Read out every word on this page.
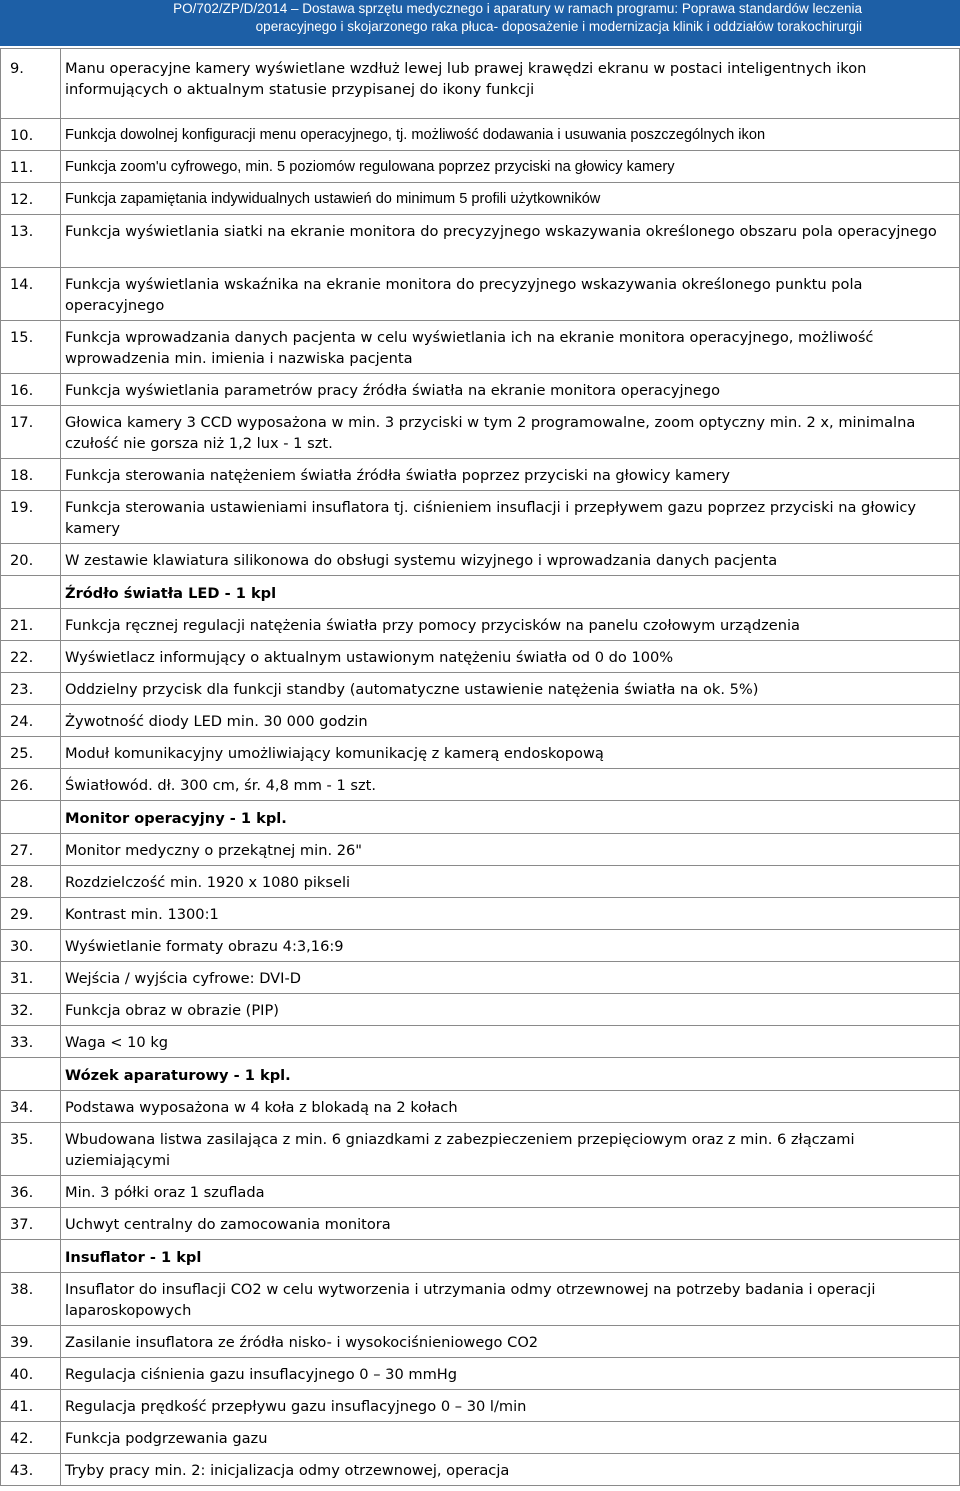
PO/702/ZP/D/2014 – Dostawa sprzętu medycznego i aparatury w ramach programu: Poprawa standardów leczenia
operacyjnego i skojarzonego raka płuca- doposażenie i modernizacja klinik i oddziałów torakochirurgii
9.	Manu operacyjne kamery wyświetlane wzdłuż lewej lub prawej krawędzi ekranu w postaci inteligentnych ikon informujących o aktualnym statusie przypisanej do ikony funkcji
10.	Funkcja dowolnej konfiguracji menu operacyjnego, tj. możliwość dodawania i usuwania poszczególnych ikon
11.	Funkcja zoom'u cyfrowego, min. 5 poziomów regulowana poprzez przyciski na głowicy kamery
12.	Funkcja zapamiętania indywidualnych ustawień do minimum 5 profili użytkowników
13.	Funkcja wyświetlania siatki na ekranie monitora do precyzyjnego wskazywania określonego obszaru pola operacyjnego
14.	Funkcja wyświetlania wskaźnika na ekranie monitora do precyzyjnego wskazywania określonego punktu pola operacyjnego
15.	Funkcja wprowadzania danych pacjenta w celu wyświetlania ich na ekranie monitora operacyjnego, możliwość wprowadzenia min. imienia i nazwiska pacjenta
16.	Funkcja wyświetlania parametrów pracy źródła światła na ekranie monitora operacyjnego
17.	Głowica kamery 3 CCD wyposażona w min. 3 przyciski w tym 2 programowalne, zoom optyczny min. 2 x, minimalna czułość nie gorsza niż 1,2 lux - 1 szt.
18.	Funkcja sterowania natężeniem światła źródła światła poprzez przyciski na głowicy kamery
19.	Funkcja sterowania ustawieniami insuflatora tj. ciśnieniem insuflacji i przepływem gazu poprzez przyciski na głowicy kamery
20.	W zestawie klawiatura silikonowa do obsługi systemu wizyjnego i wprowadzania danych pacjenta
	Źródło światła LED - 1 kpl
21.	Funkcja ręcznej regulacji natężenia światła przy pomocy przycisków na panelu czołowym urządzenia
22.	Wyświetlacz informujący o aktualnym ustawionym natężeniu światła od 0 do 100%
23.	Oddzielny przycisk dla funkcji standby (automatyczne ustawienie natężenia światła na ok. 5%)
24.	Żywotność diody LED min. 30 000 godzin
25.	Moduł komunikacyjny umożliwiający komunikację z kamerą endoskopową
26.	Światłowód. dł. 300 cm, śr. 4,8 mm - 1 szt.
	Monitor operacyjny - 1 kpl.
27.	Monitor medyczny o przekątnej min. 26"
28.	Rozdzielczość min. 1920 x 1080 pikseli
29.	Kontrast min. 1300:1
30.	Wyświetlanie formaty obrazu 4:3,16:9
31.	Wejścia / wyjścia cyfrowe: DVI-D
32.	Funkcja obraz w obrazie (PIP)
33.	Waga < 10 kg
	Wózek aparaturowy - 1 kpl.
34.	Podstawa wyposażona w 4 koła z blokadą na 2 kołach
35.	Wbudowana listwa zasilająca z min. 6 gniazdkami z zabezpieczeniem przepięciowym oraz z min. 6 złączami uziemiającymi
36.	Min. 3 półki oraz 1 szuflada
37.	Uchwyt centralny do zamocowania monitora
	Insuflator - 1 kpl
38.	Insuflator do insuflacji CO2 w celu wytworzenia i utrzymania odmy otrzewnowej na potrzeby badania i operacji laparoskopowych
39.	Zasilanie insuflatora ze źródła nisko- i wysokociśnieniowego CO2
40.	Regulacja ciśnienia gazu insuflacyjnego 0 – 30 mmHg
41.	Regulacja prędkość przepływu gazu insuflacyjnego 0 – 30 l/min
42.	Funkcja podgrzewania gazu
43.	Tryby pracy min. 2: inicjalizacja odmy otrzewnowej, operacja
